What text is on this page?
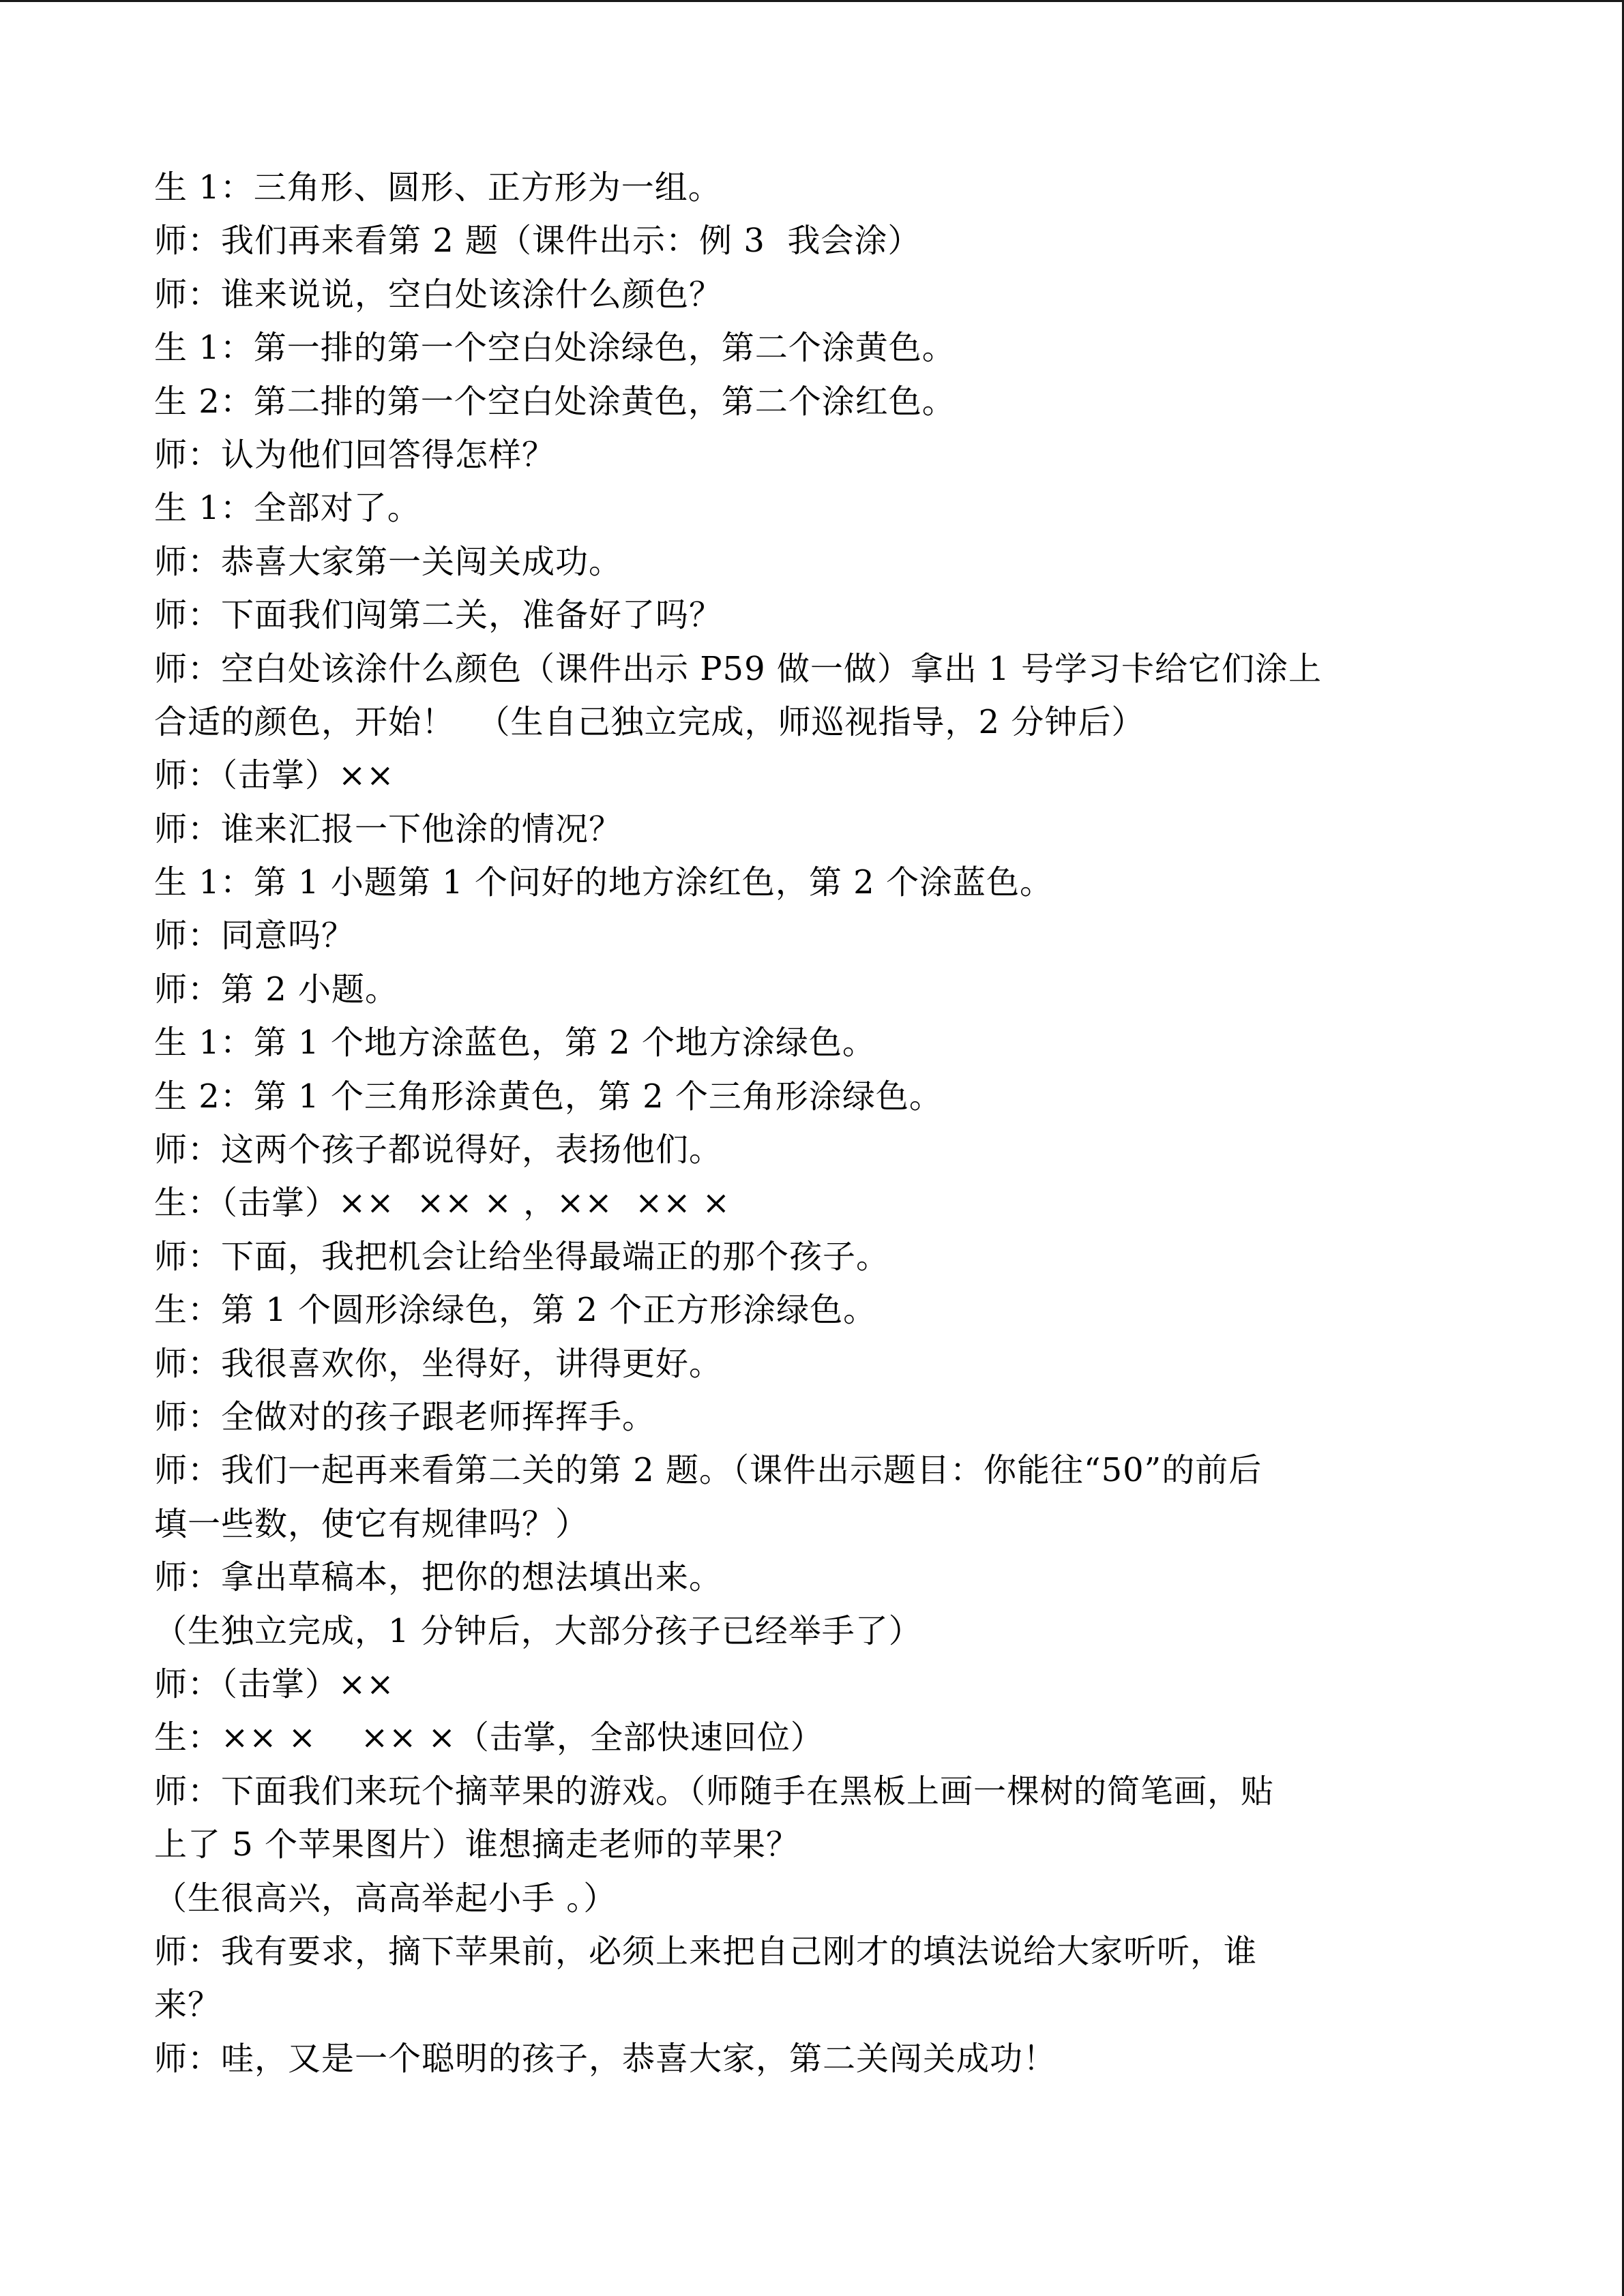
生 1：三角形、圆形、正方形为一组。

师：我们再来看第 2 题（课件出示：例 3  我会涂）

师：谁来说说，空白处该涂什么颜色？

生 1：第一排的第一个空白处涂绿色，第二个涂黄色。

生 2：第二排的第一个空白处涂黄色，第二个涂红色。

师：认为他们回答得怎样？

生 1：全部对了。

师：恭喜大家第一关闯关成功。

师：下面我们闯第二关，准备好了吗？

师：空白处该涂什么颜色（课件出示 P59 做一做）拿出 1 号学习卡给它们涂上

合适的颜色，开始！  （生自己独立完成，师巡视指导，2 分钟后）

师：（击掌）××

师：谁来汇报一下他涂的情况？

生 1：第 1 小题第 1 个问好的地方涂红色，第 2 个涂蓝色。

师：同意吗？

师：第 2 小题。

生 1：第 1 个地方涂蓝色，第 2 个地方涂绿色。

生 2：第 1 个三角形涂黄色，第 2 个三角形涂绿色。

师：这两个孩子都说得好，表扬他们。

生：（击掌）××  ×× × ，××  ×× ×

师：下面，我把机会让给坐得最端正的那个孩子。

生：第 1 个圆形涂绿色，第 2 个正方形涂绿色。

师：我很喜欢你，坐得好，讲得更好。

师：全做对的孩子跟老师挥挥手。

师：我们一起再来看第二关的第 2 题。（课件出示题目：你能往“50”的前后

填一些数，使它有规律吗？）

师：拿出草稿本，把你的想法填出来。

（生独立完成，1 分钟后，大部分孩子已经举手了）

师：（击掌）××

生：×× ×    ×× ×（击掌，全部快速回位）

师：下面我们来玩个摘苹果的游戏。（师随手在黑板上画一棵树的简笔画，贴

上了 5 个苹果图片）谁想摘走老师的苹果？

（生很高兴，高高举起小手 。）

师：我有要求，摘下苹果前，必须上来把自己刚才的填法说给大家听听，谁

来？

师：哇，又是一个聪明的孩子，恭喜大家，第二关闯关成功！
